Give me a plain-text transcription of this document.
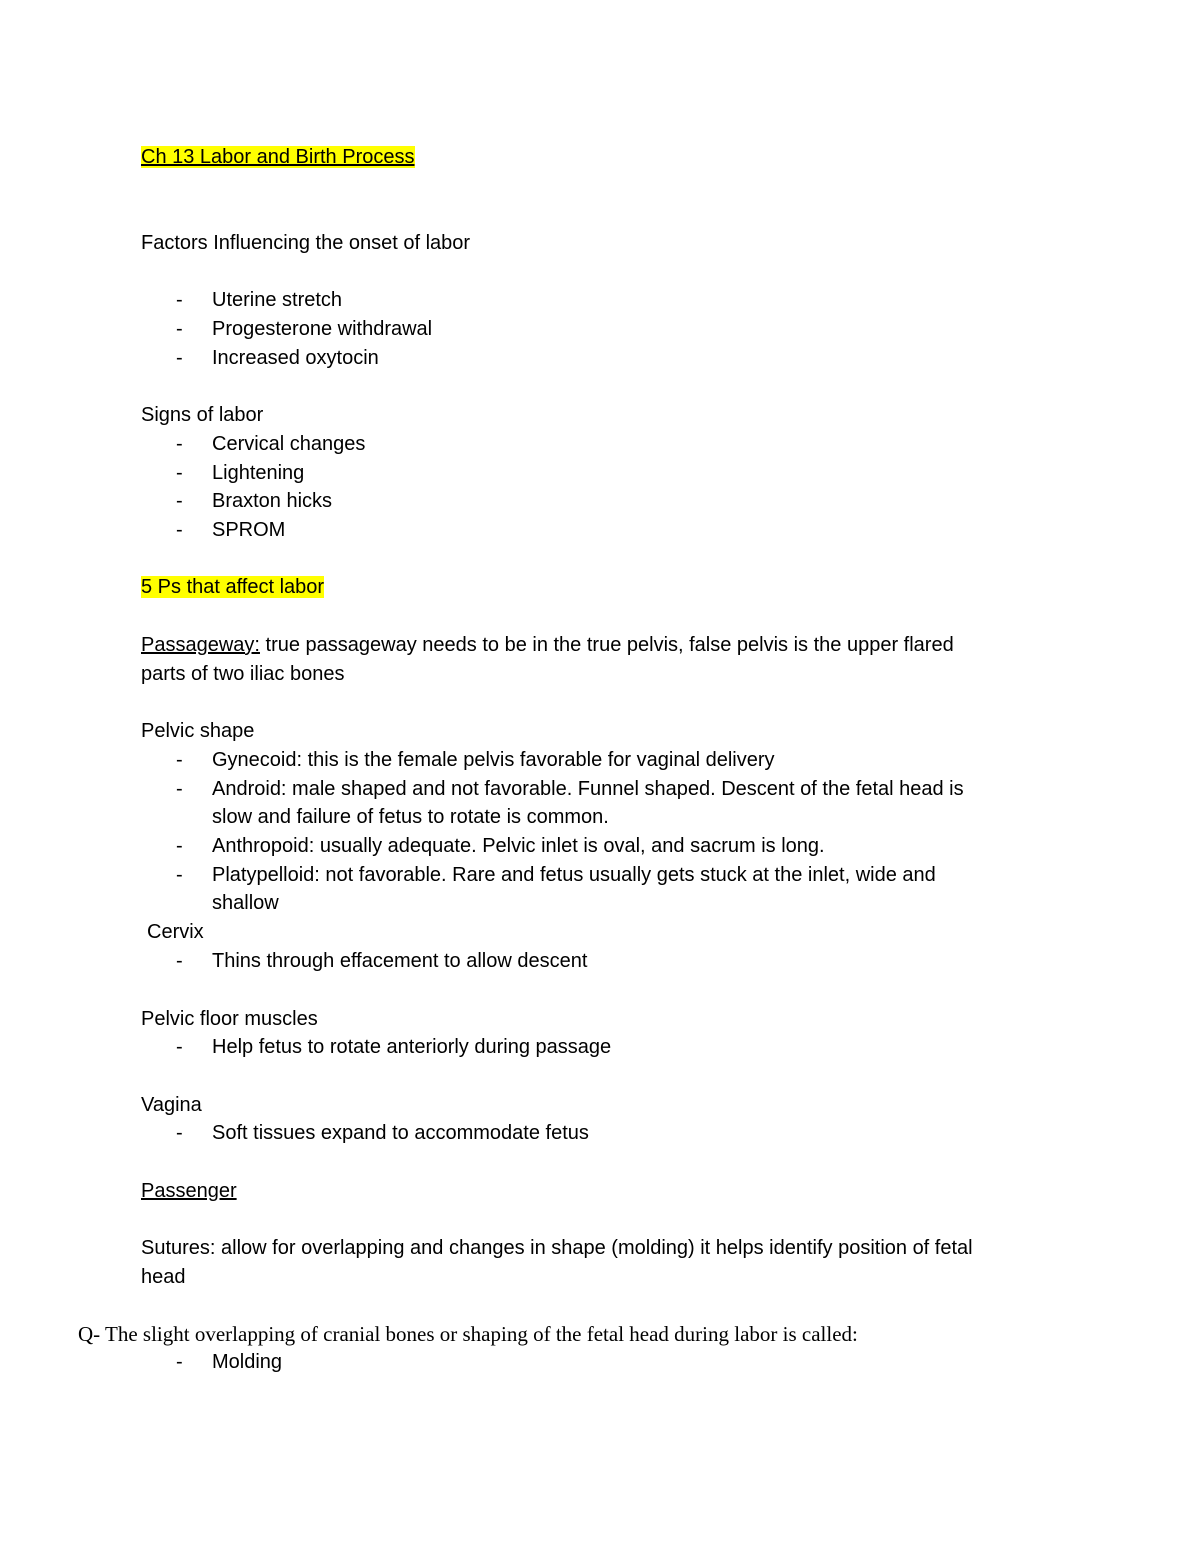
Ch 13 Labor and Birth Process
Factors Influencing the onset of labor
- Uterine stretch
- Progesterone withdrawal
- Increased oxytocin
Signs of labor
- Cervical changes
- Lightening
- Braxton hicks
- SPROM
5 Ps that affect labor
Passageway: true passageway needs to be in the true pelvis, false pelvis is the upper flared
parts of two iliac bones
Pelvic shape
- Gynecoid: this is the female pelvis favorable for vaginal delivery
- Android: male shaped and not favorable. Funnel shaped. Descent of the fetal head is
slow and failure of fetus to rotate is common.
- Anthropoid: usually adequate. Pelvic inlet is oval, and sacrum is long.
- Platypelloid: not favorable. Rare and fetus usually gets stuck at the inlet, wide and
shallow
Cervix
- Thins through effacement to allow descent
Pelvic floor muscles
- Help fetus to rotate anteriorly during passage
Vagina
- Soft tissues expand to accommodate fetus
Passenger
Sutures: allow for overlapping and changes in shape (molding) it helps identify position of fetal
head
Q- The slight overlapping of cranial bones or shaping of the fetal head during labor is called:
- Molding
